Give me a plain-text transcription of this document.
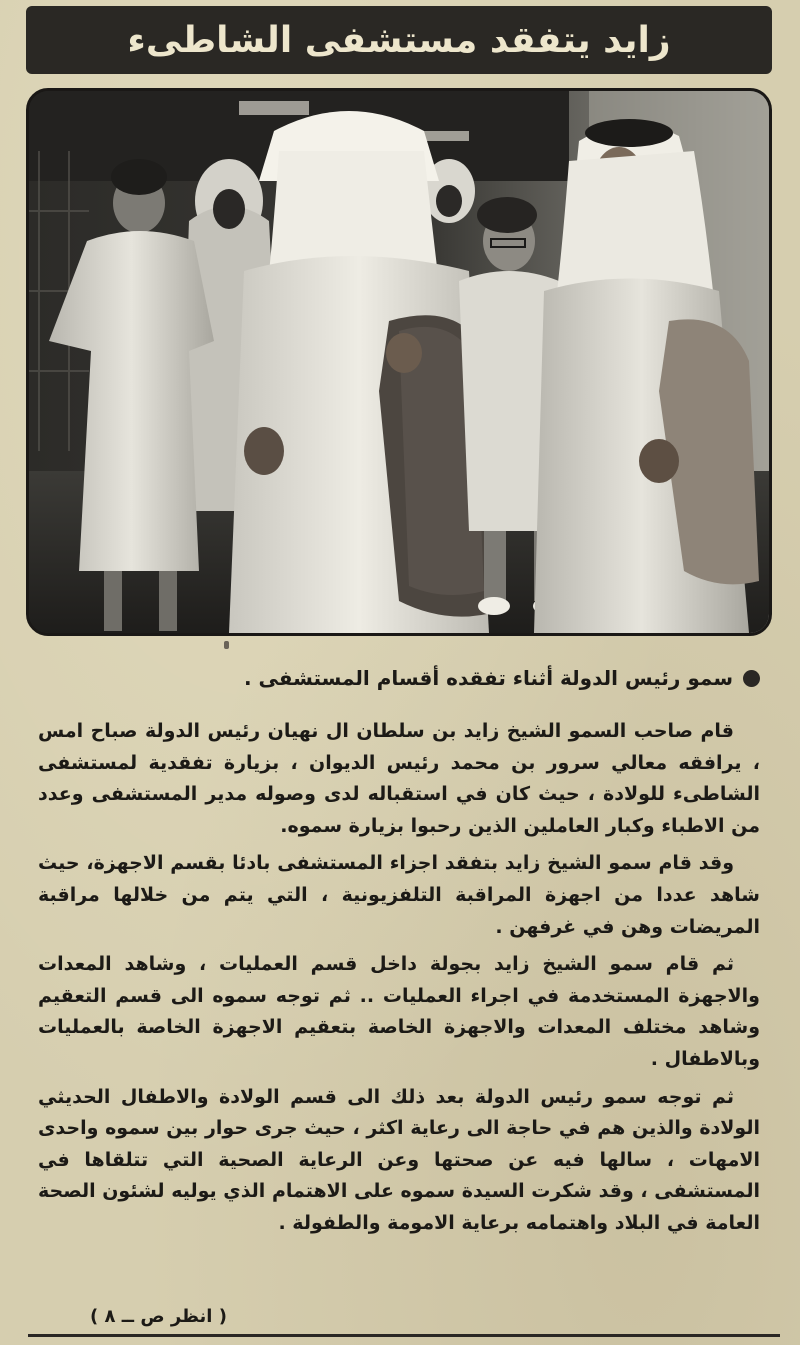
زايد يتفقد مستشفى الشاطىء
سمو رئيس الدولة أثناء تفقده أقسام المستشفى .

قام صاحب السمو الشيخ زايد بن سلطان ال نهيان رئيس الدولة صباح امس ، يرافقه معالي سرور بن محمد رئيس الديوان ، بزيارة تفقدية لمستشفى الشاطىء للولادة ، حيث كان في استقباله لدى وصوله مدير المستشفى وعدد من الاطباء وكبار العاملين الذين رحبوا بزيارة سموه.

وقد قام سمو الشيخ زايد بتفقد اجزاء المستشفى بادئا بقسم الاجهزة، حيث شاهد عددا من اجهزة المراقبة التلفزيونية ، التي يتم من خلالها مراقبة المريضات وهن في غرفهن .

ثم قام سمو الشيخ زايد بجولة داخل قسم العمليات ، وشاهد المعدات والاجهزة المستخدمة في اجراء العمليات .. ثم توجه سموه الى قسم التعقيم وشاهد مختلف المعدات والاجهزة الخاصة بتعقيم الاجهزة الخاصة بالعمليات وبالاطفال .

ثم توجه سمو رئيس الدولة بعد ذلك الى قسم الولادة والاطفال الحديثي الولادة والذين هم في حاجة الى رعاية اكثر ، حيث جرى حوار بين سموه واحدى الامهات ، سالها فيه عن صحتها وعن الرعاية الصحية التي تتلقاها في المستشفى ، وقد شكرت السيدة سموه على الاهتمام الذي يوليه لشئون الصحة العامة في البلاد واهتمامه برعاية الامومة والطفولة .

( انظر ص ــ ٨ )
